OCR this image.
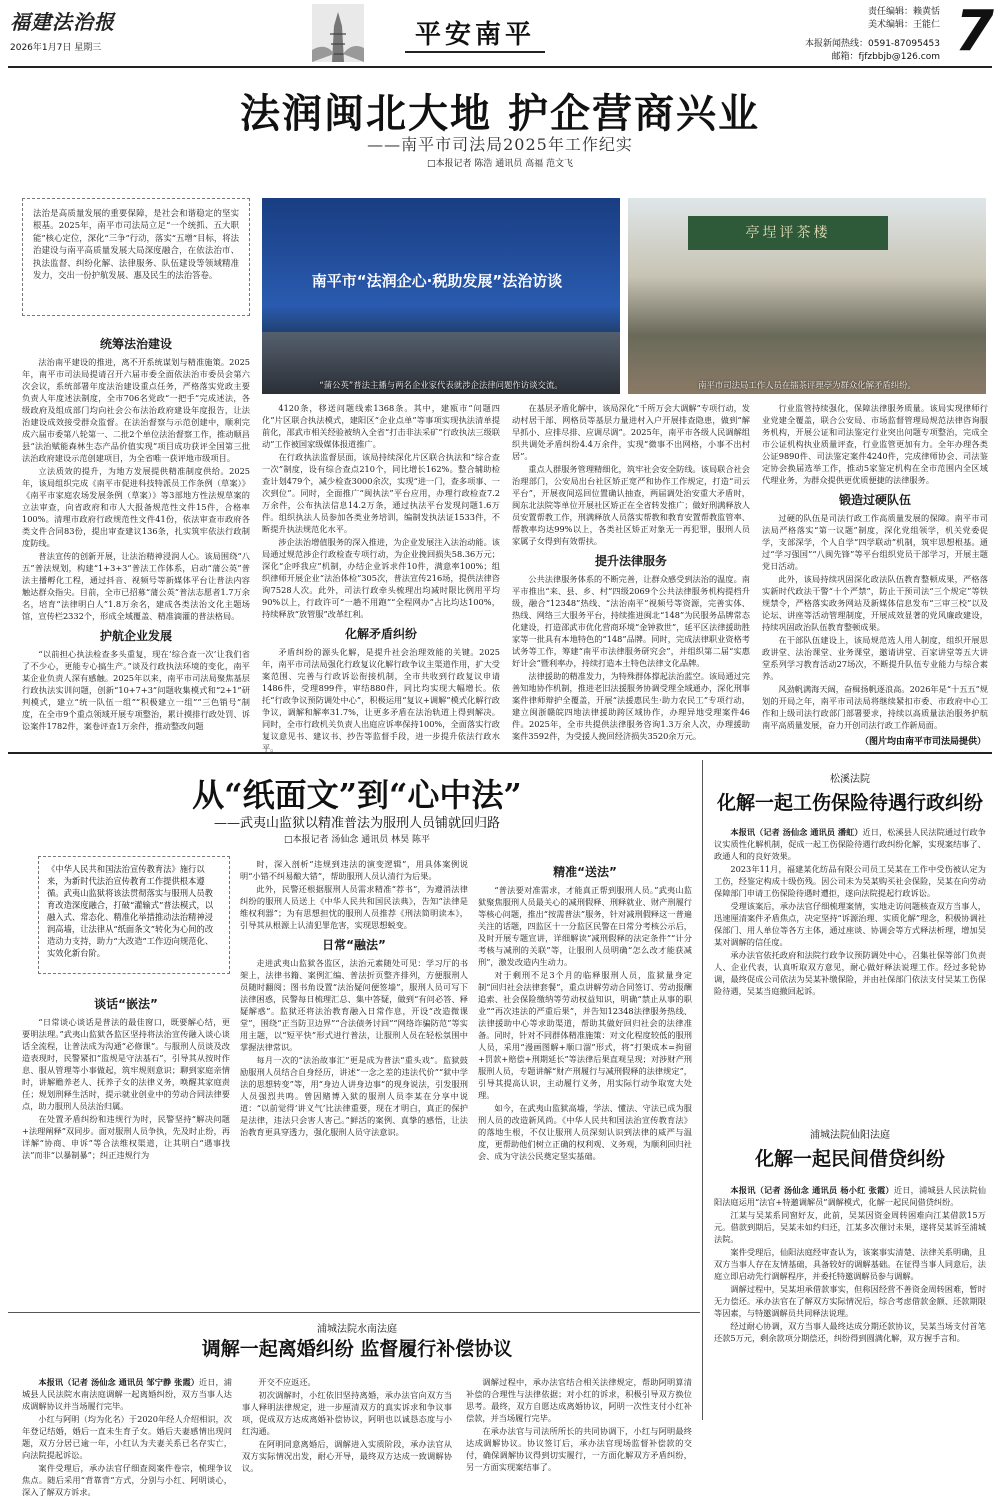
福建法治报
2026年1月7日 星期三	平安南平
责任编辑：赖黄恬
美术编辑：王能仁
本报新闻热线：0591-87095453
邮箱：fjfzbbjb@126.com 7
法润闽北大地 护企营商兴业
——南平市司法局2025年工作纪实
□本报记者 陈浩 通讯员 高福 范文飞
法治是高质量发展的重要保障，是社会和谐稳定的坚实根基。2025年，南平市司法局立足“一个统抓、五大职能”核心定位，深化“三争”行动，落实“五增”目标，将法治建设与南平高质量发展大局深度融合，在依法治市、执法监督、纠纷化解、法律服务、队伍建设等领域精准发力，交出一份护航发展、惠及民生的法治答卷。	南平市“法润企心·税助发展”法治访谈
“蒲公英”普法主播与两名企业家代表就涉企法律问题作访谈交流。
亭埕评茶楼
南平市司法局工作人员在擂茶评理亭为群众化解矛盾纠纷。
统筹法治建设

法治南平建设的推进，离不开系统谋划与精准施策。2025年，南平市司法局提请召开六届市委全面依法治市委员会第六次会议，系统部署年度法治建设重点任务，严格落实党政主要负责人年度述法制度，全市706名党政“一把手”完成述法，各级政府及组成部门均向社会公布法治政府建设年度报告，让法治建设成效接受群众监督。在法治督察与示范创建中，顺利完成六届市委第八轮第一、二批2个单位法治督察工作，推动顺昌县“法治赋能森林生态产品价值实现”项目成功获评全国第三批法治政府建设示范创建项目，为全省唯一获评地市级项目。

立法质效的提升，为地方发展提供精准制度供给。2025年，该局组织完成《南平市促进科技特派员工作条例（草案）》《南平市家庭农场发展条例（草案）》等3部地方性法规草案的立法审查，向省政府和市人大报备规范性文件15件，合格率100%。清理市政府行政规范性文件41份，依法审查市政府各类文件合同83份，提出审查建议136条，扎实筑牢依法行政制度防线。

普法宣传的创新开展，让法治精神浸润人心。该局围绕“八五”普法规划，构建“1+3+3”普法工作体系，启动“蒲公英”普法主播孵化工程，通过抖音、视频号等新媒体平台让普法内容触达群众指尖。目前，全市已招募“蒲公英”普法志愿者1.7万余名，培育“法律明白人”1.8万余名，建成各类法治文化主题场馆，宣传栏2332个，形成全域覆盖、精准滴灌的普法格局。

护航企业发展

“以前担心执法检查多头重复，现在‘综合查一次’让我们省了不少心，更能专心搞生产。”谈及行政执法环境的变化，南平某企业负责人深有感触。2025年以来，南平市司法局聚焦基层行政执法实训问题，创新“10+7+3”问题收集模式和“2+1”研判模式，建立“统一队伍一组”“积极建立一组”“三色销号”制度，在全市9个重点领域开展专项整治，累计摸排行政处罚、诉讼案件1782件，案卷评查1万余件，推动整改问题

4120条，移送问题线索1368条。其中，建瓯市“问题四化”片区联合执法模式，建阳区“企业点单”等事项实现执法清单提前化，邵武市相关经验被纳入全省“打击非法采矿”行政执法三级联动”工作被国家级媒体报道推广。

在行政执法监督层面，该局持续深化片区联合执法和“综合查一次”制度，设有综合查点210个，同比增长162%。整合辅助检查计划479个，减少检查3000余次，实现“进一门，查多项事、一次到位”。同时，全面推广“闽执法”平台应用，办理行政检查7.2万余件，公布执法信息14.2万条，通过执法平台发现问题1.6万件。组织执法人员参加各类业务培训，编制发执法证1533件，不断提升执法规范化水平。

涉企法治增值服务的深入推进，为企业发展注入法治动能。该局通过规范涉企行政检查专项行动，为企业挽回损失58.36万元；深化“企呼我应”机制，办结企业诉求件10件，满意率100%；组织律师开展企业“法治体检”305次，普法宣传216场，提供法律咨询7528人次。此外，司法行政牵头梳理出均减时限比例用平均90%以上，行政许可“一趟不用跑”“全程网办”占比均达100%，持续释放“放管服”改革红利。

化解矛盾纠纷

矛盾纠纷的源头化解，是提升社会治理效能的关键。2025年，南平市司法局强化行政复议化解行政争议主渠道作用，扩大受案范围、完善与行政诉讼衔接机制，全市共收到行政复议申请1486件，受理899件，审结880件，同比均实现大幅增长。依托“行政争议预防调处中心”，积极运用“复议+调解”模式化解行政争议，调解和解率31.7%，让更多矛盾在法治轨道上得到解决。同时，全市行政机关负责人出庭应诉率保持100%，全面落实行政复议意见书、建议书、抄告等监督手段，进一步提升依法行政水平。

在基层矛盾化解中，该局深化“千所万会大调解”专项行动，发动村居干部、网格员等基层力量进村入户开展排查隐患，做到“解早抓小、应排尽排、应调尽调”。2025年，南平市各级人民调解组织共调处矛盾纠纷4.4万余件，实现“微事不出网格，小事不出村居”。

重点人群服务管理精细化，筑牢社会安全防线。该局联合社会治理部门，公安局出台社区矫正宽严和协作工作规定，打造“司云平台”，开展夜间巡回位置确认抽查，两届调处治安重大矛盾时，闽东北法院等单位开展社区矫正在全省转发推广；做好刑满释放人员安置帮教工作，刑满释放人员落实帮教和教育安置帮教监管率、帮教率均达99%以上，各类社区矫正对象无一再犯罪，服刑人员家属子女得到有效帮扶。

提升法律服务

公共法律服务体系的不断完善，让群众感受到法治的温度。南平市推出“来、县、乡、村”四级2069个公共法律服务机构提档升级，融合“12348”热线、“法治南平”视频号等资源，完善实体、热线、网络三大服务平台，持续推进闽北“148”为民服务品牌常态化建设，打造邵武市优化营商环境“金钟救世”，延平区法律援助胜家等一批具有本地特色的“148”品牌。同时，完成法律职业资格考试务等工作，筹建“南平市法律服务研究会”，并组织第二届“实惠好计会”暨利率办，持续打造本土特色法律文化品牌。

法律援助的精准发力，为特殊群体撑起法治蓝空。该局通过完善知地协作机制，推进老旧法援服务协调受理全域通办，深化刑事案件律师辩护全覆盖，开展“法援惠民生·助力农民工”专项行动，建立闽浙赣皖四地法律援助跨区域协作，办理异地受理案件46件。2025年，全市共提供法律服务咨询1.3万余人次，办理援助案件3592件，为受援人挽回经济损失3520余万元。

行业监管持续强化，保障法律服务质量。该局实现律师行业党建全覆盖，联合公安局、市场监督管理局规范法律咨询服务机构，开展公证和司法鉴定行业突出问题专项整治，完成全市公证机构执业质量评查，行业监管更加有力。全年办理各类公证9890件、司法鉴定案件4240件，完成律师协会、司法鉴定协会换届选举工作，推动5家鉴定机构在全市范围内全区域代理业务，为群众提供更优质便捷的法律服务。

锻造过硬队伍

过硬的队伍是司法行政工作高质量发展的保障。南平市司法局严格落实“第一议题”制度，深化党组领学，机关党委促学，支部深学，个人自学“四学联动”机制，筑牢思想根基。通过“学习强国”“八闽先锋”等平台组织党员干部学习，开展主题党日活动。

此外，该局持续巩固深化政法队伍教育整顿成果，严格落实新时代政法干警“十个严禁”，防止干预司法“三个规定”等铁规禁令，严格落实政务网站及新媒体信息发布“三审三校”以及论坛、讲座等活动管理制度，开展成效显著的党风廉政建设，持续巩固政治队伍教育整顿成果。

在干部队伍建设上，该局规范选人用人制度，组织开展思政讲堂、法治课堂、业务课堂，邀请讲堂、百家讲堂等五大讲堂系列学习教育活动27场次，不断提升队伍专业能力与综合素养。

风劲帆满海天阔，奋楫扬帆逐浪高。2026年是“十五五”规划的开局之年，南平市司法局将继续紧扣市委、市政府中心工作和上级司法行政部门部署要求，持续以高质量法治服务护航南平高质量发展，奋力开创司法行政工作新局面。

（图片均由南平市司法局提供）
从“纸面文”到“心中法”
——武夷山监狱以精准普法为服刑人员铺就回归路
□本报记者 汤仙念 通讯员 林昊 陈平
《中华人民共和国法治宣传教育法》施行以来，为新时代法治宣传教育工作提供根本遵循。武夷山监狱将该法贯彻落实与服刑人员教育改造深度融合，打破“灌输式”普法模式，以融入式、常态化、精准化举措推动法治精神浸润高墙，让法律从“纸面条文”转化为心间的改造动力支持，助力“大改造”工作迈向规范化、实效化新台阶。
谈话“嵌法”

“日常谈心谈话是普法的最佳窗口，既要解心结，更要明法理。”武夷山监狱各监区坚持将法治宣传融入谈心谈话全流程，让普法成为沟通“必修课”。与服刑人员谈及改造表现时，民警紧扣“监规是守法基石”，引导其从按时作息、服从管理等小事做起，筑牢规则意识；聊到家庭亲情时，讲解赡养老人、抚养子女的法律义务，唤醒其家庭责任；规划刑释生活时，提示就业创业中的劳动合同法律要点，助力服刑人员法治归属。

在处置矛盾纠纷和违规行为时，民警坚持“解决问题+法理阐释”双同步。面对服刑人员争执，先及时止纷，再详解“协商、申诉”等合法维权渠道，让其明白“遇事找法”而非“以暴制暴”；纠正违规行为

时，深入剖析“违规到违法的演变逻辑”，用具体案例说明“小错不纠易酿大错”，帮助服刑人员认清行为后果。

此外，民警还根据服刑人员需求精准“荐书”，为遵消法律纠纷的服刑人员送上《中华人民共和国民法典》，告知“法律是维权利器”；为有思想担忧的服刑人员推荐《刑法简明读本》，引导其从根源上认清犯罪危害，实现思想蜕变。

日常“融法”

走进武夷山监狱各监区，法治元素随处可见：学习厅的书架上，法律书籍、案例汇编、普法折页整齐排列，方便服刑人员随时翻阅；图书角设置“法治疑问便签墙”，服刑人员可写下法律困惑，民警每日梳理汇总、集中答疑，做到“有问必答、释疑解惑”。监狱还将法治教育融入日常作息，开设“改造微课堂”，围绕“正当防卫边界”“合法债务讨回”“网络诈骗防范”等实用主题，以“短平快”形式进行普法，让服刑人员在轻松氛围中掌握法律常识。

每月一次的“法治故事汇”更是成为普法“重头戏”。监狱鼓励服刑人员结合自身经历，讲述“一念之差的违法代价”“狱中学法的思想转变”等，用“身边人讲身边事”的现身说法，引发服刑人员强烈共鸣。曾因赌博入狱的服刑人员李某在分享中说道：“以前觉得‘讲义气’比法律重要，现在才明白，真正的保护是法律，违法只会害人害己。”鲜活的案例、真挚的感悟，让法治教育更具穿透力，强化服刑人员守法意识。

精准“送法”

“普法要对准需求，才能真正帮到服刑人员。”武夷山监狱聚焦服刑人员最关心的减刑假释、刑释就业、财产刑履行等核心问题，推出“按需普法”服务，针对减刑假释这一普遍关注的话题，四监区十一分监区民警在日常分考核公示后，及时开展专题宣讲，详细解读“减刑假释的法定条件”“计分考核与减刑的关联”等，让服刑人员明确“怎么改才能获减刑”，激发改造内生动力。

对于剩刑不足3个月的临释服刑人员，监狱量身定制“回归社会法律套餐”，重点讲解劳动合同签订、劳动报酬追索、社会保险缴纳等劳动权益知识，明确“禁止从事的职业”“再次违法的严重后果”，并告知12348法律服务热线、法律援助中心等求助渠道，帮助其做好回归社会的法律准备。同时，针对不同群体精准施策：对文化程度较低的服刑人员，采用“漫画图解+顺口溜”形式，将“打架成本=拘留+罚款+赔偿+刑期延长”等法律后果直观呈现；对涉财产刑服刑人员，专题讲解“财产刑履行与减刑假释的法律规定”，引导其提高认识，主动履行义务，用实际行动争取宽大处理。

如今，在武夷山监狱高墙，学法、懂法、守法已成为服刑人员的改造新风尚。《中华人民共和国法治宣传教育法》的落地生根，不仅让服刑人员深刻认识到法律的威严与温度，更帮助他们树立正确的权利观、义务观，为顺利回归社会、成为守法公民奠定坚实基础。

浦城法院水南法庭
调解一起离婚纠纷 监督履行补偿协议

本报讯（记者 汤仙念 通讯员 邹宁静 张霞）近日，浦城县人民法院水南法庭调解一起离婚纠纷，双方当事人达成调解协议并当场履行完毕。

小红与阿明（均为化名）于2020年经人介绍相识，次年登记结婚，婚后一直未生育子女。婚后夫妻感情出现问题，双方分居已逾一年，小红认为夫妻关系已名存实亡，向法院提起诉讼。

案件受理后，承办法官仔细查阅案件卷宗，梳理争议焦点。随后采用“背靠背”方式，分别与小红、阿明谈心，深入了解双方诉求。

开交不应返还。

初次调解时，小红依旧坚持离婚，承办法官向双方当事人释明法律规定，进一步厘清双方的真实诉求和争议事项，促成双方达成离婚补偿协议，阿明也以诚恳态度与小红沟通。

在阿明同意离婚后，调解进入实质阶段，承办法官从双方实际情况出发，耐心开导，最终双方达成一致调解协议。

调解过程中，承办法官结合相关法律规定，帮助阿明算清补偿的合理性与法律依据；对小红的诉求，积极引导双方换位思考。最终，双方自愿达成离婚协议，阿明一次性支付小红补偿款，并当场履行完毕。

在承办法官与司法所所长的共同协调下，小红与阿明最终达成调解协议。协议签订后，承办法官现场监督补偿款的交付，确保调解协议得到切实履行，一方面化解双方矛盾纠纷，另一方面实现案结事了。

松溪法院
化解一起工伤保险待遇行政纠纷

本报讯（记者 汤仙念 通讯员 潘虹）近日，松溪县人民法院通过行政争议实质性化解机制，促成一起工伤保险待遇行政纠纷化解，实现案结事了、政通人和的良好效果。

2023年11月，福建某化纺品有限公司员工吴某在工作中受伤被认定为工伤，经鉴定构成十级伤残。因公司未为吴某购买社会保险，吴某在向劳动保障部门申请工伤保险待遇时遭拒，遂向法院提起行政诉讼。

受理该案后，承办法官仔细梳理案情，实地走访问题核查双方当事人，迅速厘清案件矛盾焦点，决定坚持“诉源治理、实质化解”理念，积极协调社保部门、用人单位等各方主体，通过座谈、协调会等方式释法析理，增加吴某对调解的信任度。

承办法官依托政府和法院行政争议预防调处中心，召集社保等部门负责人、企业代表，认真听取双方意见，耐心做好释法说理工作。经过多轮协调，最终促成公司依法为吴某补缴保险，并由社保部门依法支付吴某工伤保险待遇，吴某当庭撤回起诉。

浦城法院仙阳法庭
化解一起民间借贷纠纷

本报讯（记者 汤仙念 通讯员 杨小红 张霞）近日，浦城县人民法院仙阳法庭运用“法官+特邀调解员”调解模式，化解一起民间借贷纠纷。

江某与吴某系同窗好友，此前，吴某因资金周转困难向江某借款15万元。借款到期后，吴某未如约归还，江某多次催讨未果，遂将吴某诉至浦城法院。

案件受理后，仙阳法庭经审查认为，该案事实清楚、法律关系明确，且双方当事人存在友情基础，具备较好的调解基础。在征得当事人同意后，法庭立即启动先行调解程序，并委托特邀调解员参与调解。

调解过程中，吴某坦承借款事实，但称因经营不善资金周转困难，暂时无力偿还。承办法官在了解双方实际情况后，综合考虑借款金额、还款期限等因素，与特邀调解员共同释法说理。

经过耐心协调，双方当事人最终达成分期还款协议，吴某当场支付首笔还款5万元，剩余款项分期偿还，纠纷得到圆满化解，双方握手言和。
